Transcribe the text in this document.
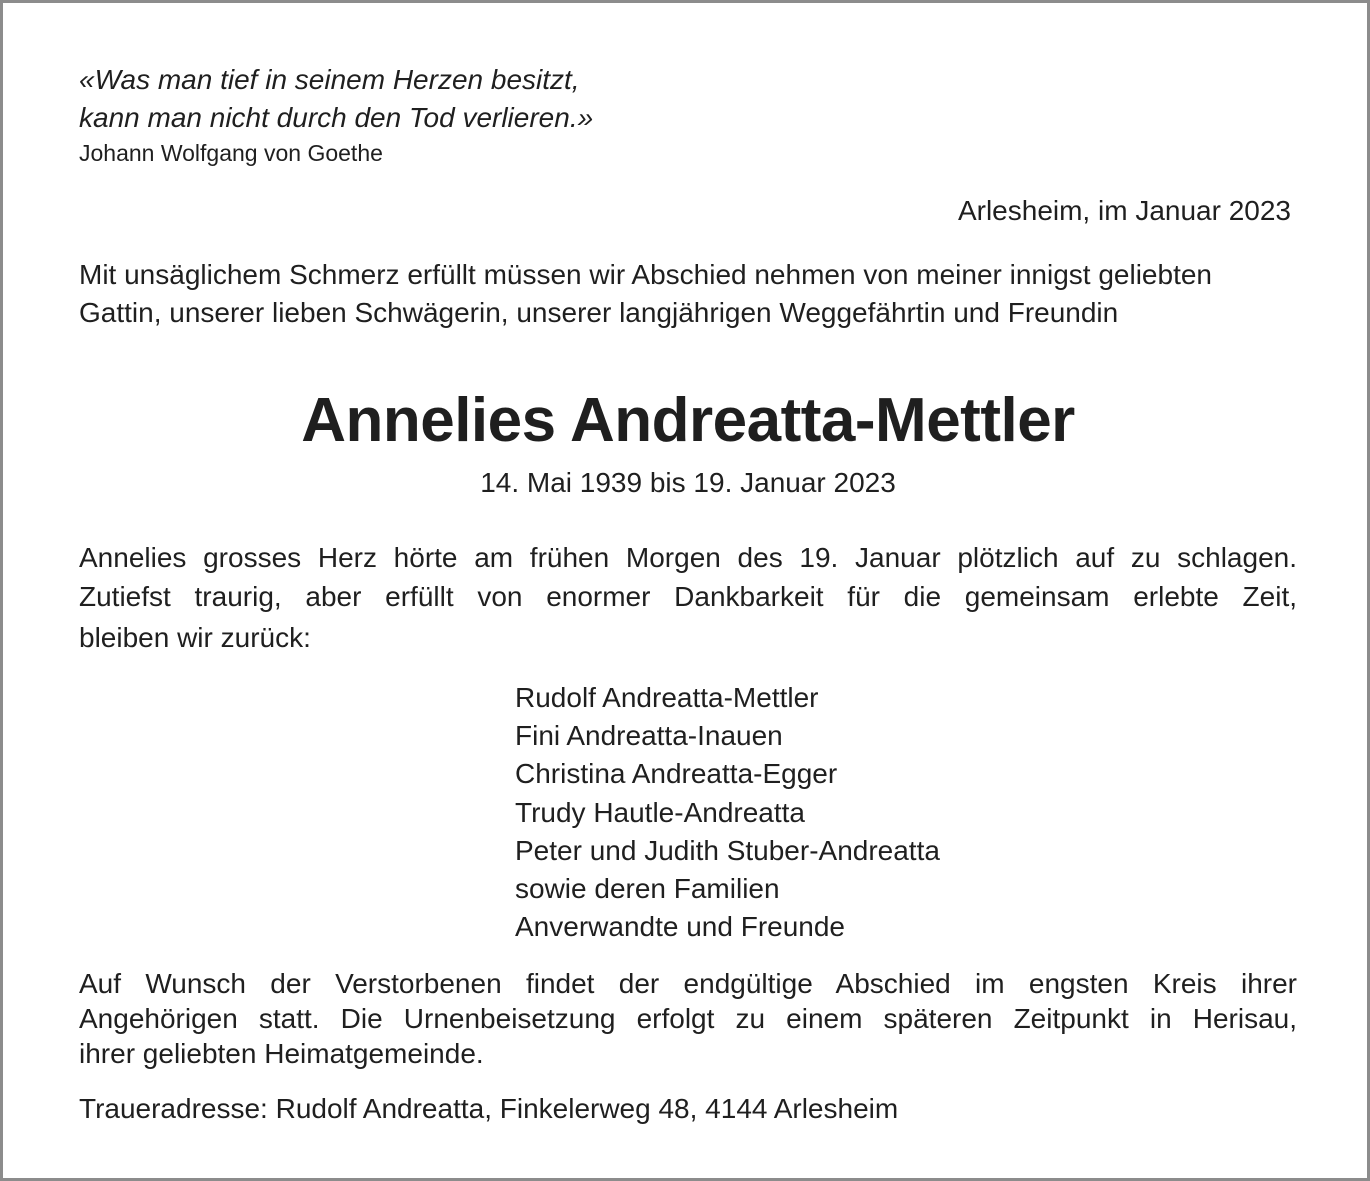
«Was man tief in seinem Herzen besitzt,

kann man nicht durch den Tod verlieren.»

Johann Wolfgang von Goethe

Arlesheim, im Januar 2023

Mit unsäglichem Schmerz erfüllt müssen wir Abschied nehmen von meiner innigst geliebten
Gattin, unserer lieben Schwägerin, unserer langjährigen Weggefährtin und Freundin
Annelies Andreatta-Mettler

14. Mai 1939 bis 19. Januar 2023

Annelies grosses Herz hörte am frühen Morgen des 19. Januar plötzlich auf zu schlagen.
Zutiefst traurig, aber erfüllt von enormer Dankbarkeit für die gemeinsam erlebte Zeit,
bleiben wir zurück:
Rudolf Andreatta-Mettler
Fini Andreatta-Inauen
Christina Andreatta-Egger
Trudy Hautle-Andreatta
Peter und Judith Stuber-Andreatta
sowie deren Familien
Anverwandte und Freunde
Auf Wunsch der Verstorbenen findet der endgültige Abschied im engsten Kreis ihrer
Angehörigen statt. Die Urnenbeisetzung erfolgt zu einem späteren Zeitpunkt in Herisau,
ihrer geliebten Heimatgemeinde.

Traueradresse: Rudolf Andreatta, Finkelerweg 48, 4144 Arlesheim
